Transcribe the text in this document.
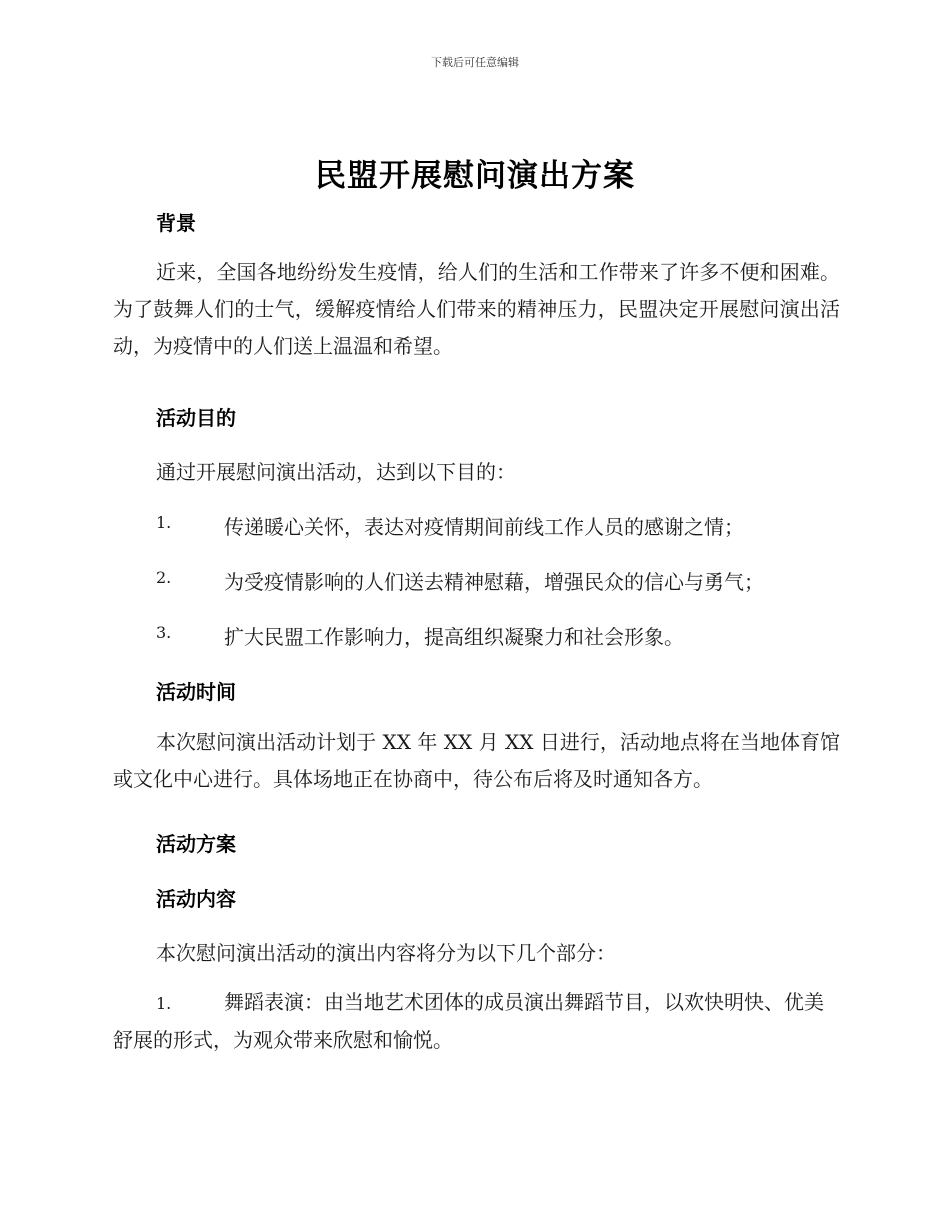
下载后可任意编辑
民盟开展慰问演出方案
背景
近来，全国各地纷纷发生疫情，给人们的生活和工作带来了许多不便和困难。为了鼓舞人们的士气，缓解疫情给人们带来的精神压力，民盟决定开展慰问演出活动，为疫情中的人们送上温温和希望。
活动目的
通过开展慰问演出活动，达到以下目的：
1.	传递暖心关怀，表达对疫情期间前线工作人员的感谢之情；
2.	为受疫情影响的人们送去精神慰藉，增强民众的信心与勇气；
3.	扩大民盟工作影响力，提高组织凝聚力和社会形象。
活动时间
本次慰问演出活动计划于 XX 年 XX 月 XX 日进行，活动地点将在当地体育馆或文化中心进行。具体场地正在协商中，待公布后将及时通知各方。
活动方案
活动内容
本次慰问演出活动的演出内容将分为以下几个部分：
1.	舞蹈表演：由当地艺术团体的成员演出舞蹈节目，以欢快明快、优美舒展的形式，为观众带来欣慰和愉悦。
